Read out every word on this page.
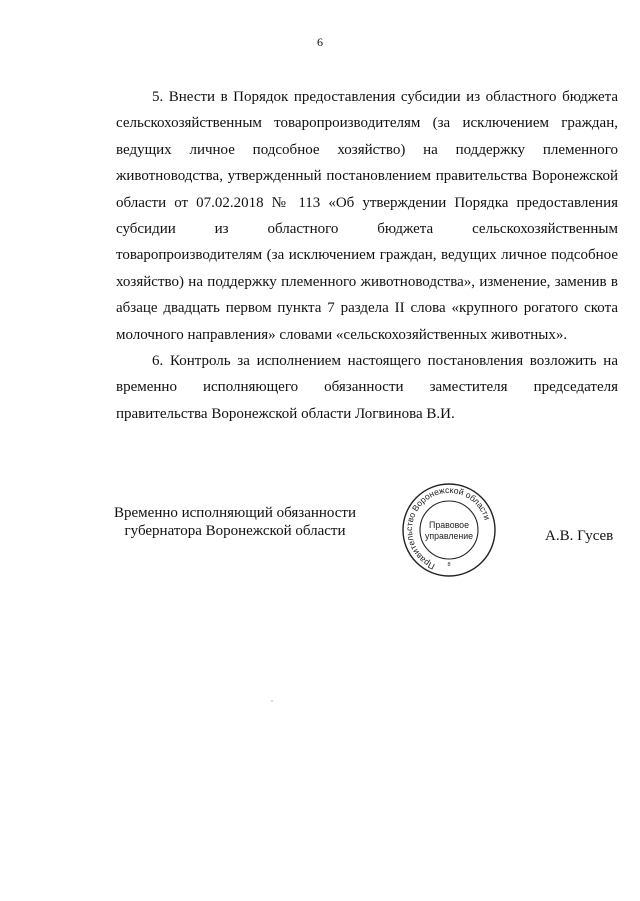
6

5. Внести в Порядок предоставления субсидии из областного бюджета сельскохозяйственным товаропроизводителям (за исключением граждан, ведущих личное подсобное хозяйство) на поддержку племенного животноводства, утвержденный постановлением правительства Воронежской области от 07.02.2018 № 113 «Об утверждении Порядка предоставления субсидии из областного бюджета сельскохозяйственным товаропроизводителям (за исключением граждан, ведущих личное подсобное хозяйство) на поддержку племенного животноводства», изменение, заменив в абзаце двадцать первом пункта 7 раздела II слова «крупного рогатого скота молочного направления» словами «сельскохозяйственных животных».

6. Контроль за исполнением настоящего постановления возложить на временно исполняющего обязанности заместителя председателя правительства Воронежской области Логвинова В.И.

Временно исполняющий обязанности
губернатора Воронежской области
Правительство Воронежской области
Правовое
управление
8
А.В. Гусев
